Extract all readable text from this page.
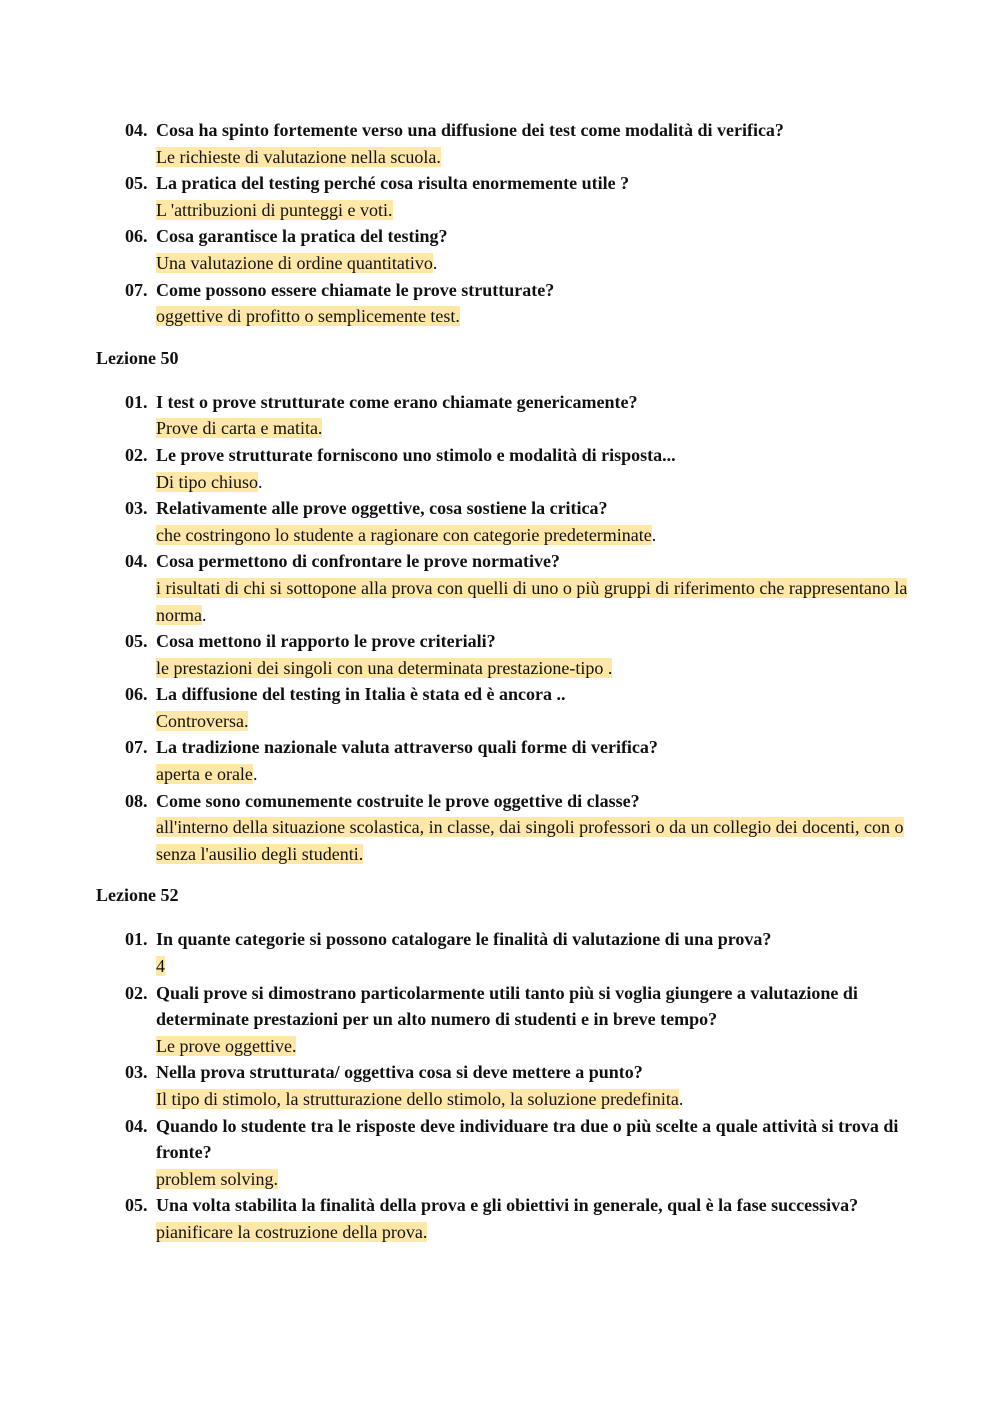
04. Cosa ha spinto fortemente verso una diffusione dei test come modalità di verifica?
Le richieste di valutazione nella scuola.
05. La pratica del testing perché cosa risulta enormemente utile ?
L 'attribuzioni di punteggi e voti.
06. Cosa garantisce la pratica del testing?
Una valutazione di ordine quantitativo.
07. Come possono essere chiamate le prove strutturate?
oggettive di profitto o semplicemente test.
Lezione 50
01. I test o prove strutturate come erano chiamate genericamente?
Prove di carta e matita.
02. Le prove strutturate forniscono uno stimolo e modalità di risposta...
Di tipo chiuso.
03. Relativamente alle prove oggettive, cosa sostiene la critica?
che costringono lo studente a ragionare con categorie predeterminate.
04. Cosa permettono di confrontare le prove normative?
i risultati di chi si sottopone alla prova con quelli di uno o più gruppi di riferimento che rappresentano la norma.
05. Cosa mettono il rapporto le prove criteriali?
le prestazioni dei singoli con una determinata prestazione-tipo .
06. La diffusione del testing in Italia è stata ed è ancora ..
Controversa.
07. La tradizione nazionale valuta attraverso quali forme di verifica?
aperta e orale.
08. Come sono comunemente costruite le prove oggettive di classe?
all'interno della situazione scolastica, in classe, dai singoli professori o da un collegio dei docenti, con o senza l'ausilio degli studenti.
Lezione 52
01. In quante categorie si possono catalogare le finalità di valutazione di una prova?
4
02. Quali prove si dimostrano particolarmente utili tanto più si voglia giungere a valutazione di determinate prestazioni per un alto numero di studenti e in breve tempo?
Le prove oggettive.
03. Nella prova strutturata/ oggettiva cosa si deve mettere a punto?
Il tipo di stimolo, la strutturazione dello stimolo, la soluzione predefinita.
04. Quando lo studente tra le risposte deve individuare tra due o più scelte a quale attività si trova di fronte?
problem solving.
05. Una volta stabilita la finalità della prova e gli obiettivi in generale, qual è la fase successiva?
pianificare la costruzione della prova.
